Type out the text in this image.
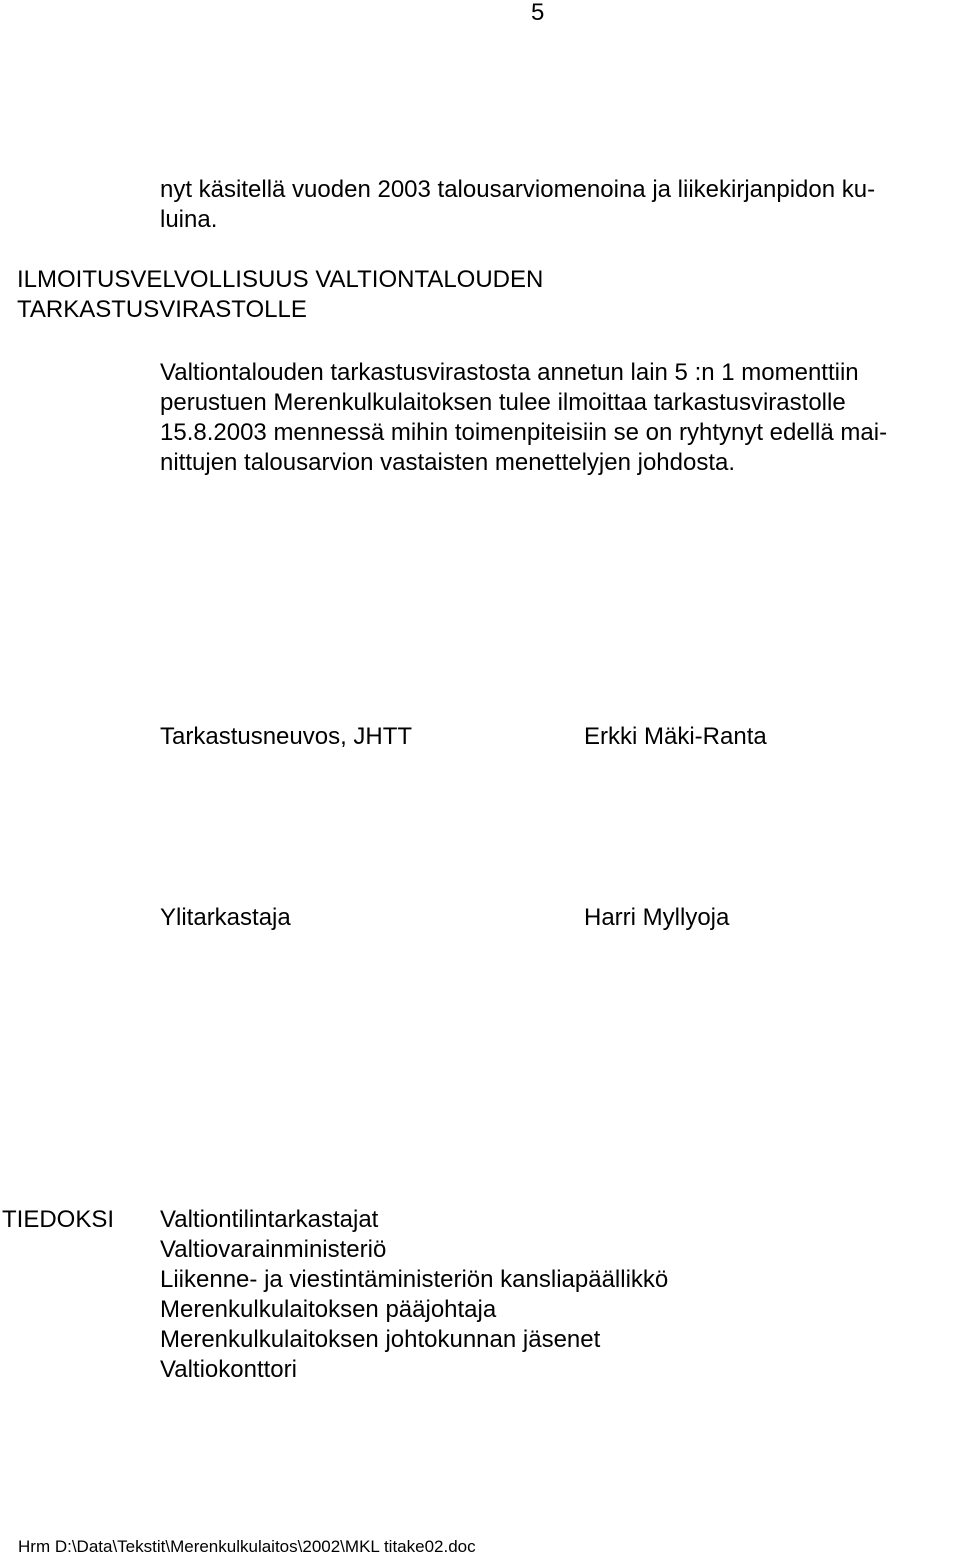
5
nyt käsitellä vuoden 2003 talousarviomenoina ja liikekirjanpidon ku-
luina.
ILMOITUSVELVOLLISUUS VALTIONTALOUDEN
TARKASTUSVIRASTOLLE
Valtiontalouden tarkastusvirastosta annetun lain 5 :n 1 momenttiin
perustuen Merenkulkulaitoksen tulee ilmoittaa tarkastusvirastolle
15.8.2003 mennessä mihin toimenpiteisiin se on ryhtynyt edellä mai-
nittujen talousarvion vastaisten menettelyjen johdosta.
Tarkastusneuvos, JHTT	Erkki Mäki-Ranta
Ylitarkastaja	Harri Myllyoja
TIEDOKSI Valtiontilintarkastajat
Valtiovarainministeriö
Liikenne- ja viestintäministeriön kansliapäällikkö
Merenkulkulaitoksen pääjohtaja
Merenkulkulaitoksen johtokunnan jäsenet
Valtiokonttori
Hrm D:\Data\Tekstit\Merenkulkulaitos\2002\MKL titake02.doc
